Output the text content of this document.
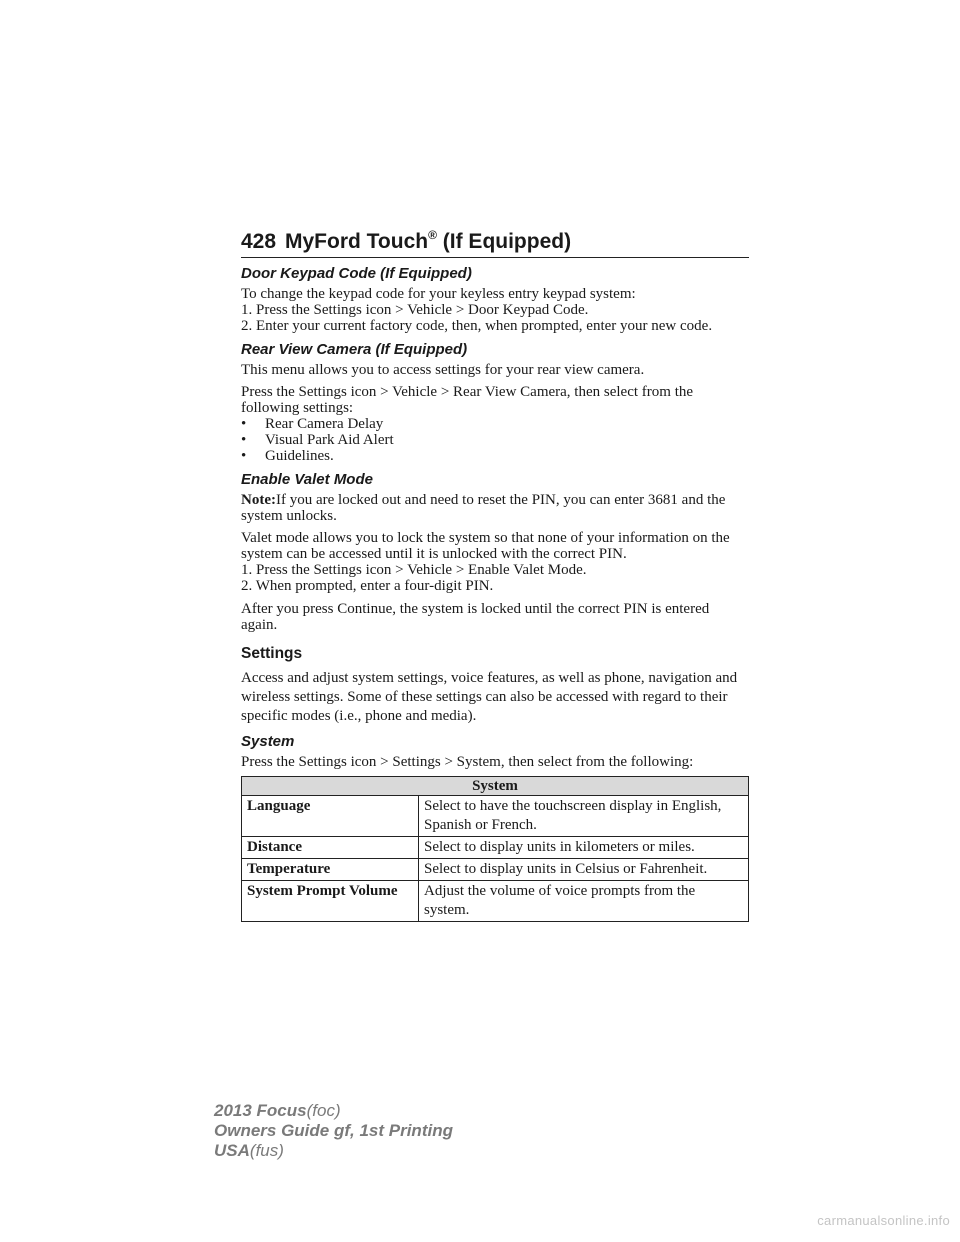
428 MyFord Touch® (If Equipped)
Door Keypad Code (If Equipped)
To change the keypad code for your keyless entry keypad system:
1. Press the Settings icon > Vehicle > Door Keypad Code.
2. Enter your current factory code, then, when prompted, enter your new code.
Rear View Camera (If Equipped)

This menu allows you to access settings for your rear view camera.

Press the Settings icon > Vehicle > Rear View Camera, then select from the following settings:
• Rear Camera Delay
• Visual Park Aid Alert
• Guidelines.
Enable Valet Mode

Note:If you are locked out and need to reset the PIN, you can enter 3681 and the system unlocks.

Valet mode allows you to lock the system so that none of your information on the system can be accessed until it is unlocked with the correct PIN.
1. Press the Settings icon > Vehicle > Enable Valet Mode.
2. When prompted, enter a four-digit PIN.

After you press Continue, the system is locked until the correct PIN is entered again.

Settings

Access and adjust system settings, voice features, as well as phone, navigation and wireless settings. Some of these settings can also be accessed with regard to their specific modes (i.e., phone and media).

System

Press the Settings icon > Settings > System, then select from the following:

System	
Language	Select to have the touchscreen display in English, Spanish or French.
Distance	Select to display units in kilometers or miles.
Temperature	Select to display units in Celsius or Fahrenheit.
System Prompt Volume	Adjust the volume of voice prompts from the system.
2013 Focus(foc)
Owners Guide gf, 1st Printing
USA(fus)
carmanualsonline.info
